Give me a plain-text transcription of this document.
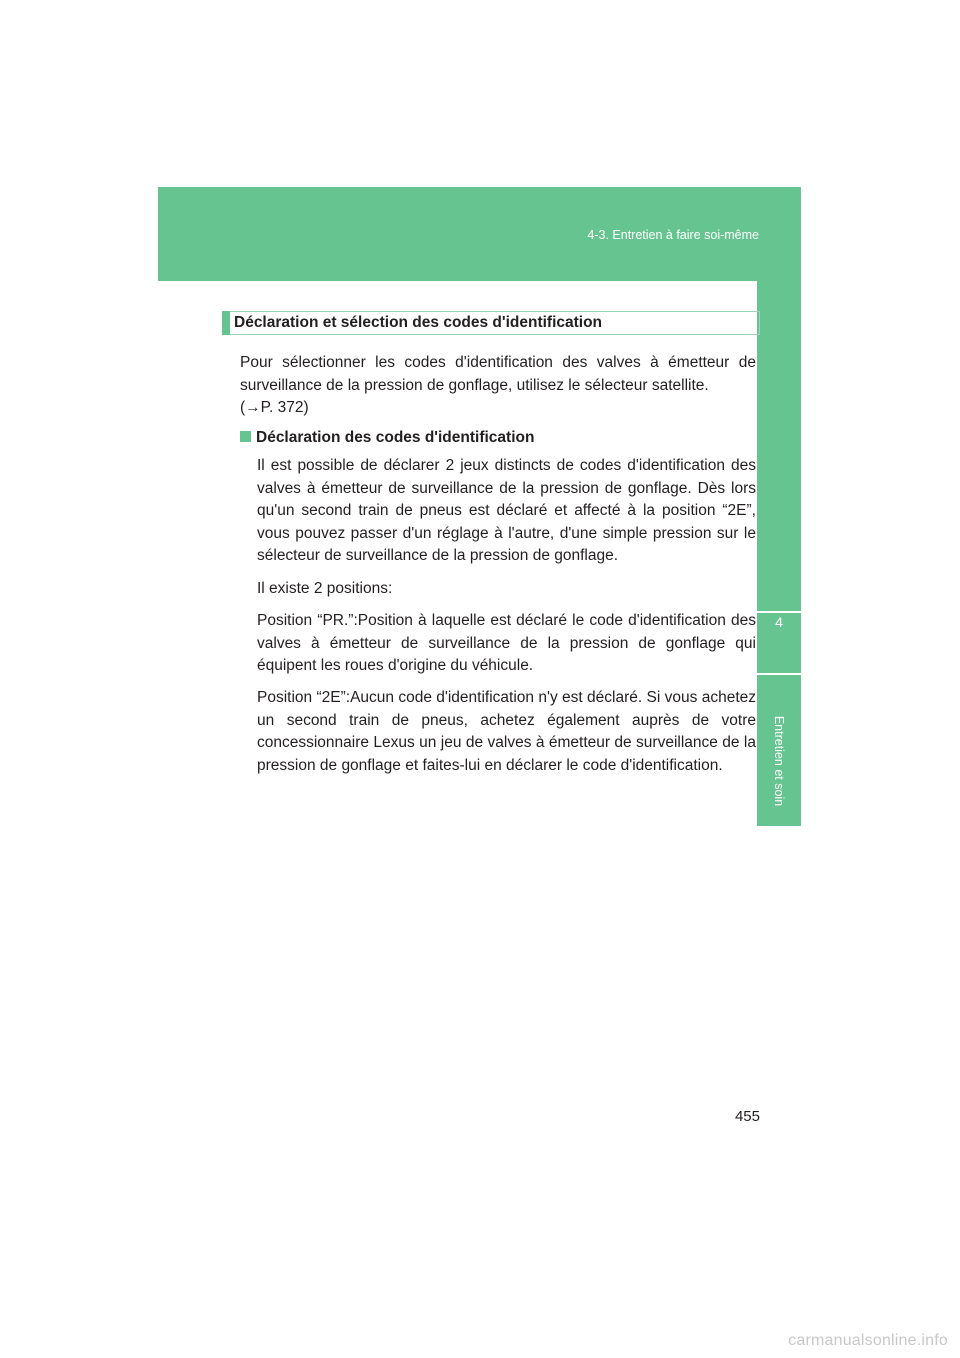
4-3. Entretien à faire soi-même
4
Entretien et soin
Déclaration et sélection des codes d'identification
Pour sélectionner les codes d'identification des valves à émetteur de surveillance de la pression de gonflage, utilisez le sélecteur satellite.
(→P. 372)
Déclaration des codes d'identification
Il est possible de déclarer 2 jeux distincts de codes d'identification des valves à émetteur de surveillance de la pression de gonflage. Dès lors qu'un second train de pneus est déclaré et affecté à la position “2E”, vous pouvez passer d'un réglage à l'autre, d'une simple pression sur le sélecteur de surveillance de la pression de gonflage.
Il existe 2 positions:
Position “PR.”:Position à laquelle est déclaré le code d'identification des valves à émetteur de surveillance de la pression de gonflage qui équipent les roues d'origine du véhicule.
Position “2E”:Aucun code d'identification n'y est déclaré. Si vous achetez un second train de pneus, achetez également auprès de votre concessionnaire Lexus un jeu de valves à émetteur de surveillance de la pression de gonflage et faites-lui en déclarer le code d'identification.
455
carmanualsonline.info
